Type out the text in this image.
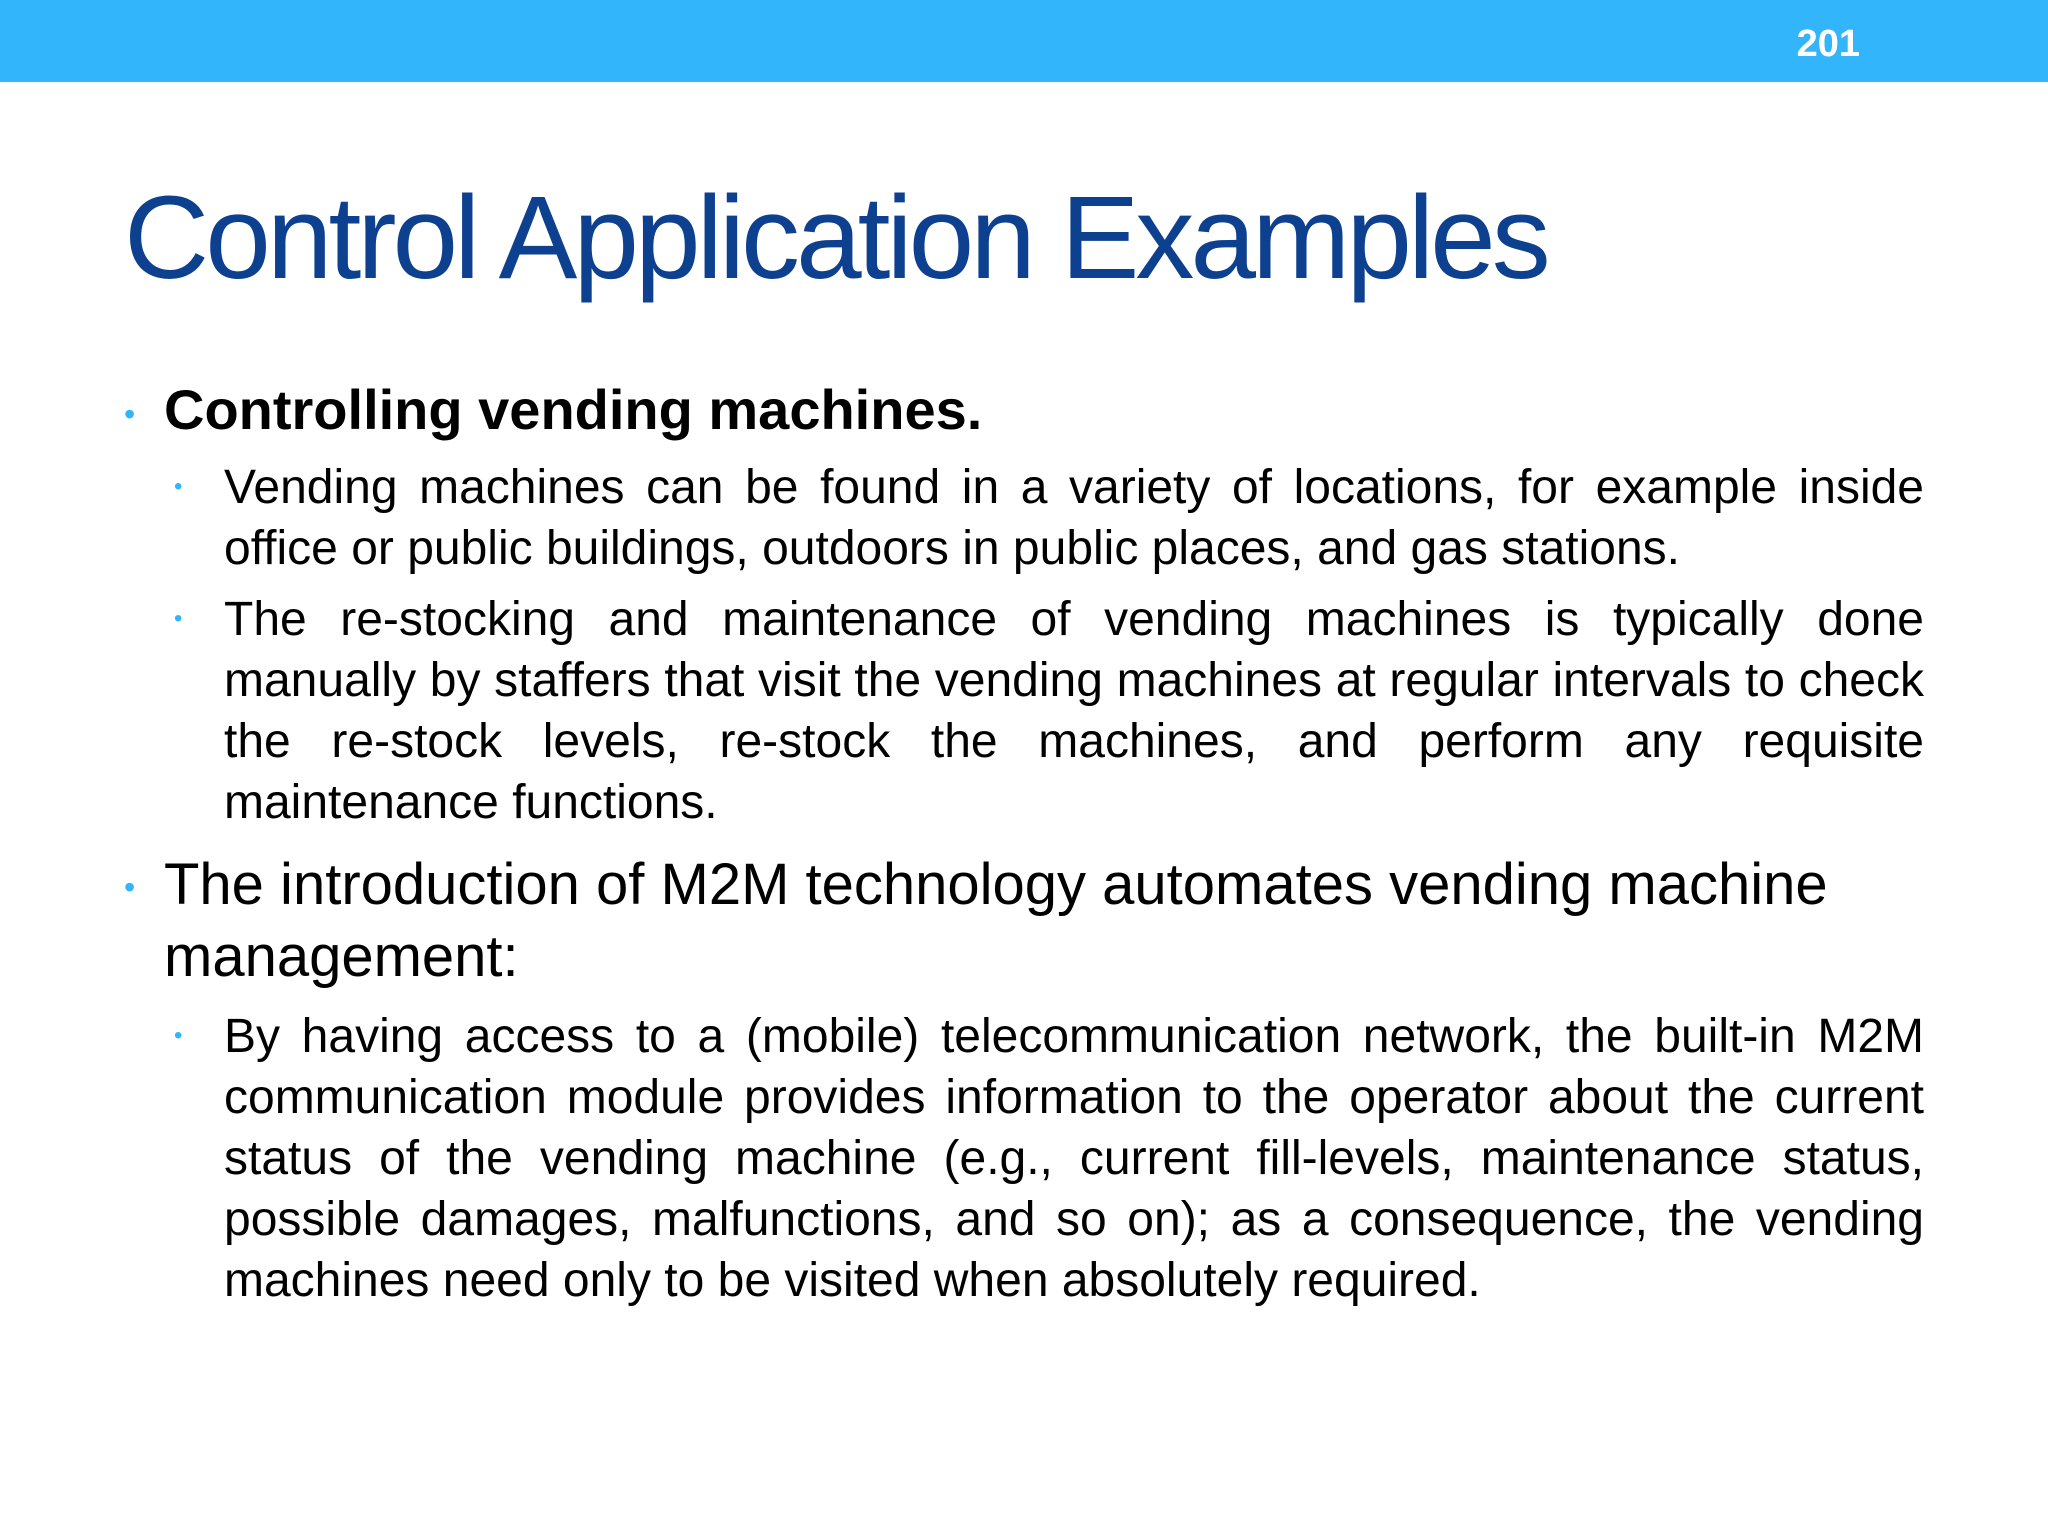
201
Control Application Examples
• Controlling vending machines.
• Vending machines can be found in a variety of locations, for example inside office or public buildings, outdoors in public places, and gas stations.
• The re-stocking and maintenance of vending machines is typically done manually by staffers that visit the vending machines at regular intervals to check the re-stock levels, re-stock the machines, and perform any requisite maintenance functions.
• The introduction of M2M technology automates vending machine management:
• By having access to a (mobile) telecommunication network, the built-in M2M communication module provides information to the operator about the current status of the vending machine (e.g., current fill-levels, maintenance status, possible damages, malfunctions, and so on); as a consequence, the vending machines need only to be visited when absolutely required.
